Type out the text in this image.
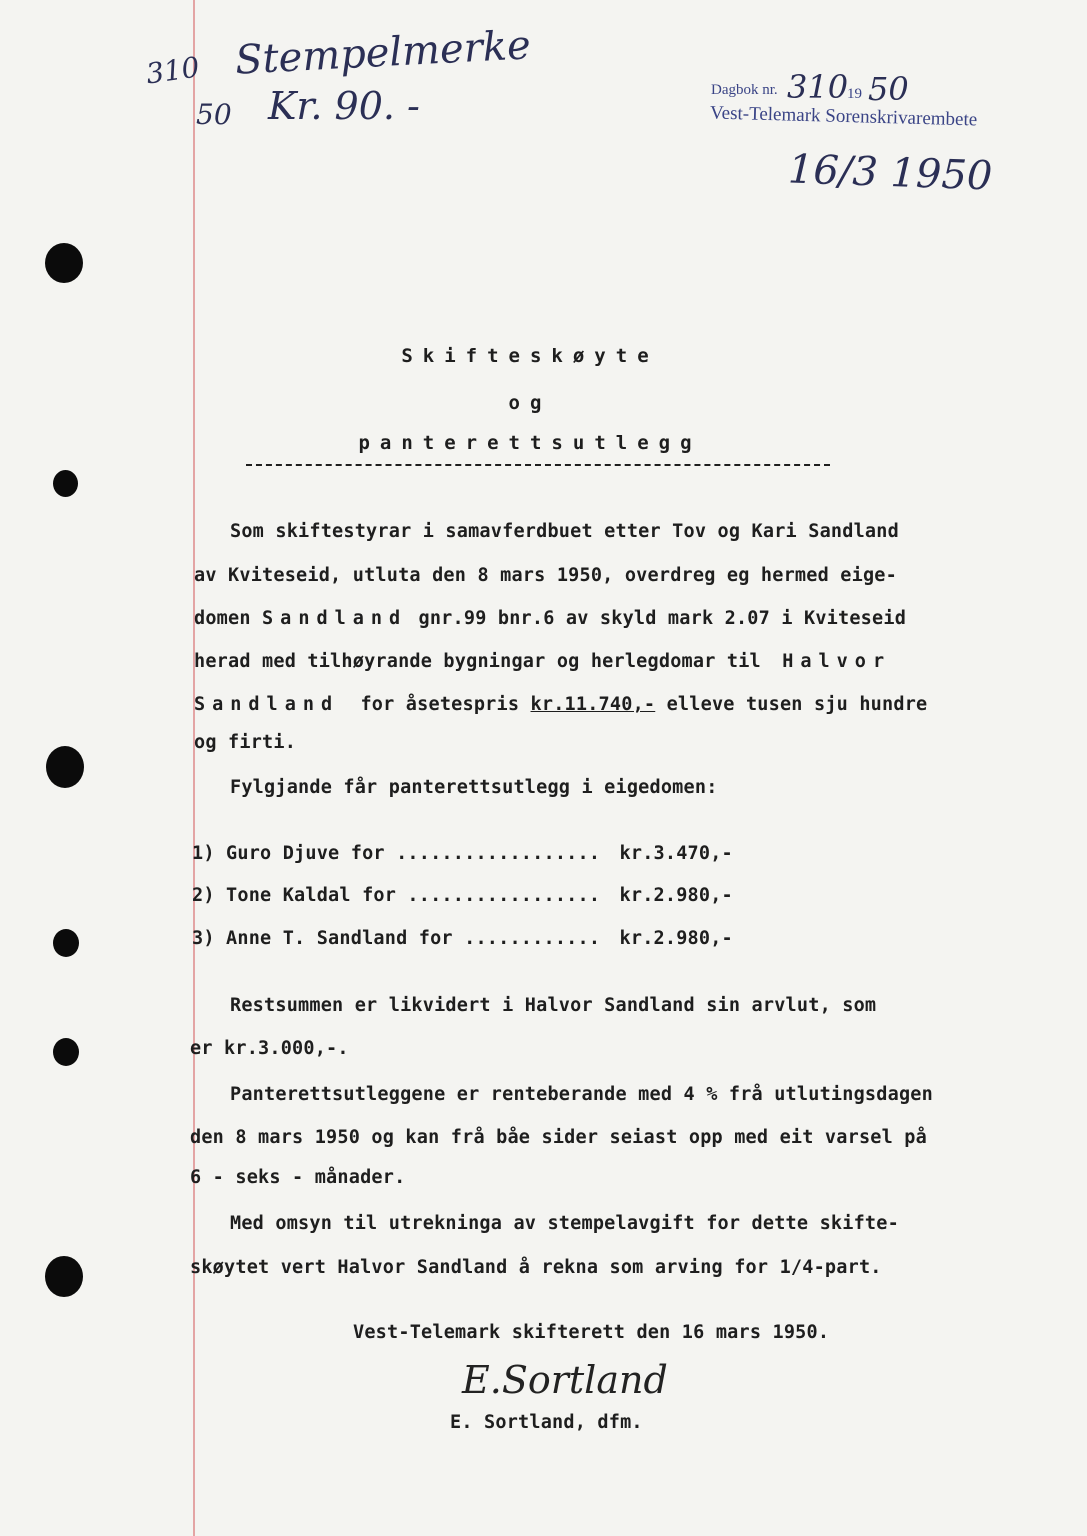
310
50
Stempelmerke
Kr. 90. -	Dagbok nr. 310
19 50
Vest-Telemark Sorenskrivarembete
16/3 1950
Skifteskøyte
og
panterettsutlegg
Som skiftestyrar i samavferdbuet etter Tov og Kari Sandland
av Kviteseid, utluta den 8 mars 1950, overdreg eg hermed eige-
domen Sandland gnr.99 bnr.6 av skyld mark 2.07 i Kviteseid
herad med tilhøyrande bygningar og herlegdomar til Halvor
Sandland for åsetespris kr.11.740,- elleve tusen sju hundre
og firti.
Fylgjande får panterettsutlegg i eigedomen:
1) Guro Djuve for .................. kr.3.470,-
2) Tone Kaldal for ................. kr.2.980,-
3) Anne T. Sandland for ............ kr.2.980,-
Restsummen er likvidert i Halvor Sandland sin arvlut, som
er kr.3.000,-.
Panterettsutleggene er renteberande med 4 % frå utlutingsdagen
den 8 mars 1950 og kan frå båe sider seiast opp med eit varsel på
6 - seks - månader.
Med omsyn til utrekninga av stempelavgift for dette skifte-
skøytet vert Halvor Sandland å rekna som arving for 1/4-part.
Vest-Telemark skifterett den 16 mars 1950.
E.Sortland
E. Sortland, dfm.
